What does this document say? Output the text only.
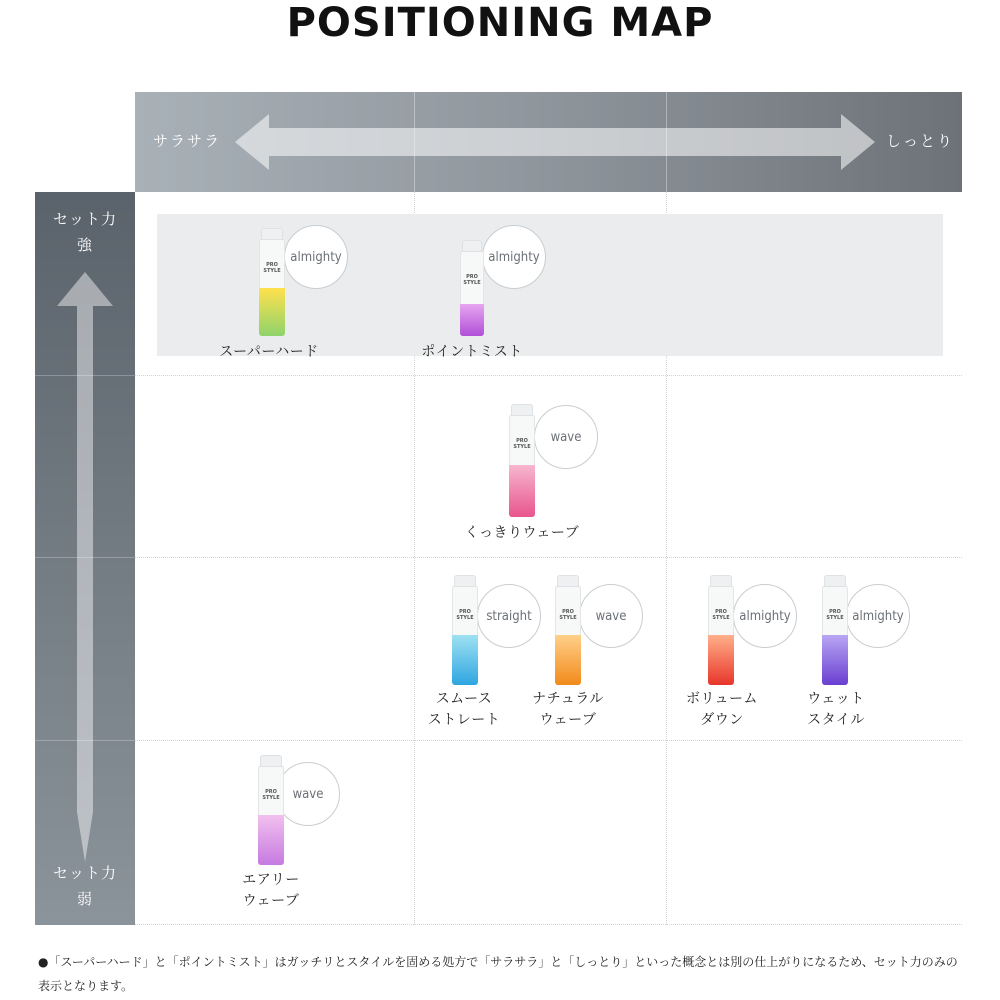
POSITIONING MAP
サラサラ	しっとり
セット力
強
セット力
弱
almighty
PRO
STYLE
スーパーハード
almighty
PRO
STYLE
ポイントミスト
wave
PRO
STYLE
くっきりウェーブ
straight
PRO
STYLE
スムース
ストレート
wave
PRO
STYLE
ナチュラル
ウェーブ
almighty
PRO
STYLE
ボリューム
ダウン
almighty
PRO
STYLE
ウェット
スタイル
wave
PRO
STYLE
エアリー
ウェーブ
●「スーパーハード」と「ポイントミスト」はガッチリとスタイルを固める処方で「サラサラ」と「しっとり」といった概念とは別の仕上がりになるため、セット力のみの表示となります。
